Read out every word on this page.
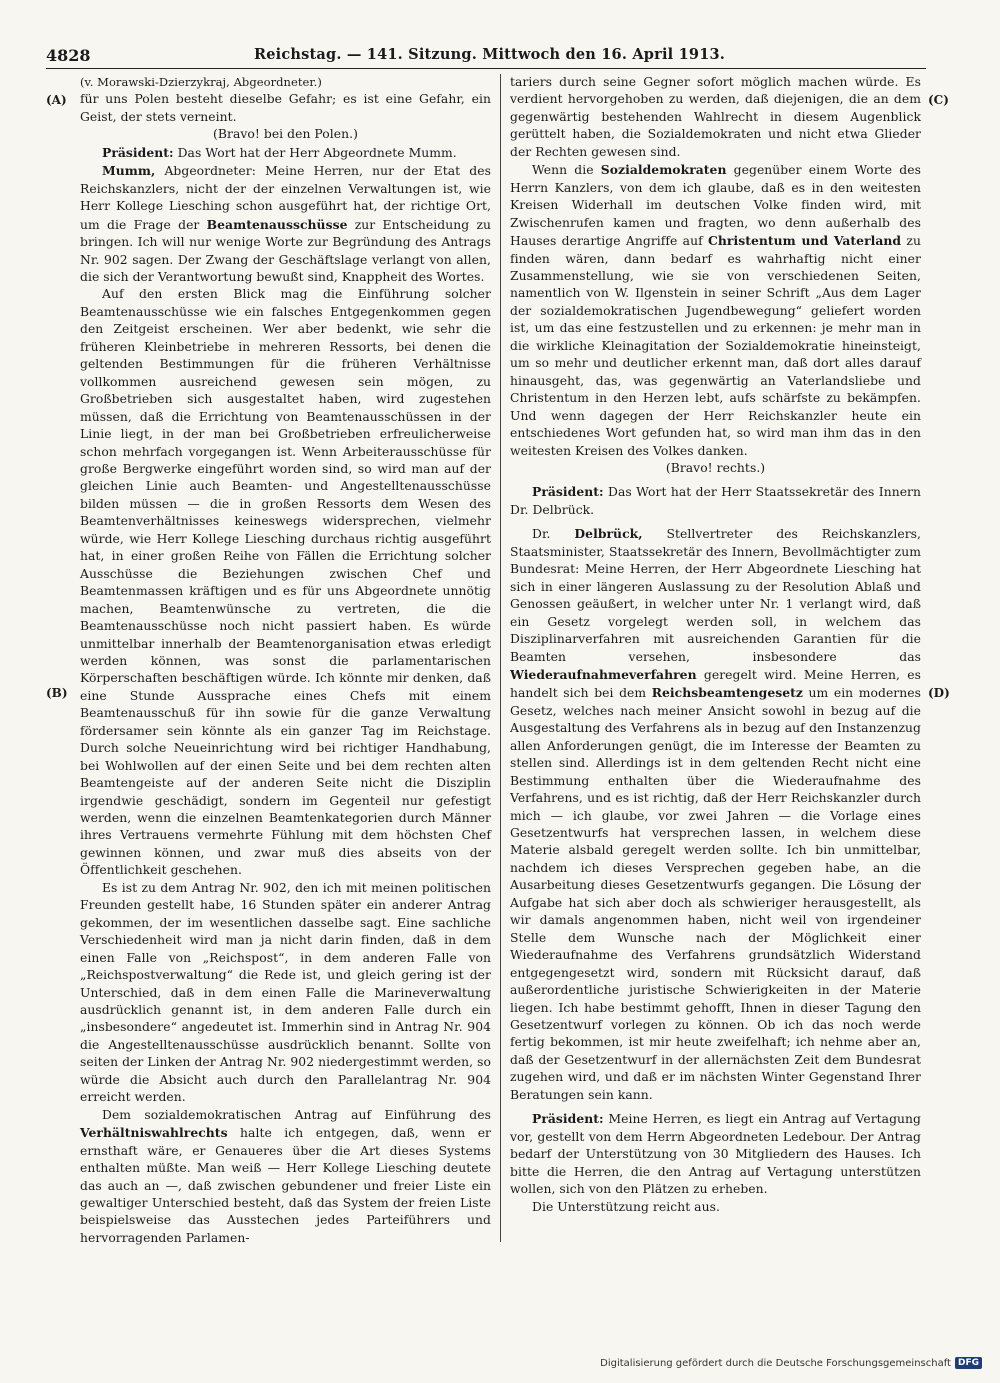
4828	Reichstag. — 141. Sitzung. Mittwoch den 16. April 1913.
(A)
(B)
(C)
(D)

(v. Morawski-Dzierzykraj, Abgeordneter.)

für uns Polen besteht dieselbe Gefahr; es ist eine Gefahr, ein Geist, der stets verneint.

(Bravo! bei den Polen.)

Präsident: Das Wort hat der Herr Abgeordnete Mumm.

Mumm, Abgeordneter: Meine Herren, nur der Etat des Reichskanzlers, nicht der der einzelnen Verwaltungen ist, wie Herr Kollege Liesching schon ausgeführt hat, der richtige Ort, um die Frage der Beamtenausschüsse zur Entscheidung zu bringen. Ich will nur wenige Worte zur Begründung des Antrags Nr. 902 sagen. Der Zwang der Geschäftslage verlangt von allen, die sich der Verantwortung bewußt sind, Knappheit des Wortes.

Auf den ersten Blick mag die Einführung solcher Beamtenausschüsse wie ein falsches Entgegenkommen gegen den Zeitgeist erscheinen. Wer aber bedenkt, wie sehr die früheren Kleinbetriebe in mehreren Ressorts, bei denen die geltenden Bestimmungen für die früheren Verhältnisse vollkommen ausreichend gewesen sein mögen, zu Großbetrieben sich ausgestaltet haben, wird zugestehen müssen, daß die Errichtung von Beamtenausschüssen in der Linie liegt, in der man bei Großbetrieben erfreulicherweise schon mehrfach vorgegangen ist. Wenn Arbeiterausschüsse für große Bergwerke eingeführt worden sind, so wird man auf der gleichen Linie auch Beamten- und Angestelltenausschüsse bilden müssen — die in großen Ressorts dem Wesen des Beamtenverhältnisses keineswegs widersprechen, vielmehr würde, wie Herr Kollege Liesching durchaus richtig ausgeführt hat, in einer großen Reihe von Fällen die Errichtung solcher Ausschüsse die Beziehungen zwischen Chef und Beamtenmassen kräftigen und es für uns Abgeordnete unnötig machen, Beamtenwünsche zu vertreten, die die Beamtenausschüsse noch nicht passiert haben. Es würde unmittelbar innerhalb der Beamtenorganisation etwas erledigt werden können, was sonst die parlamentarischen Körperschaften beschäftigen würde. Ich könnte mir denken, daß eine Stunde Aussprache eines Chefs mit einem Beamtenausschuß für ihn sowie für die ganze Verwaltung fördersamer sein könnte als ein ganzer Tag im Reichstage. Durch solche Neueinrichtung wird bei richtiger Handhabung, bei Wohlwollen auf der einen Seite und bei dem rechten alten Beamtengeiste auf der anderen Seite nicht die Disziplin irgendwie geschädigt, sondern im Gegenteil nur gefestigt werden, wenn die einzelnen Beamtenkategorien durch Männer ihres Vertrauens vermehrte Fühlung mit dem höchsten Chef gewinnen können, und zwar muß dies abseits von der Öffentlichkeit geschehen.

Es ist zu dem Antrag Nr. 902, den ich mit meinen politischen Freunden gestellt habe, 16 Stunden später ein anderer Antrag gekommen, der im wesentlichen dasselbe sagt. Eine sachliche Verschiedenheit wird man ja nicht darin finden, daß in dem einen Falle von „Reichspost“, in dem anderen Falle von „Reichspostverwaltung“ die Rede ist, und gleich gering ist der Unterschied, daß in dem einen Falle die Marineverwaltung ausdrücklich genannt ist, in dem anderen Falle durch ein „insbesondere“ angedeutet ist. Immerhin sind in Antrag Nr. 904 die Angestelltenausschüsse ausdrücklich benannt. Sollte von seiten der Linken der Antrag Nr. 902 niedergestimmt werden, so würde die Absicht auch durch den Parallelantrag Nr. 904 erreicht werden.

Dem sozialdemokratischen Antrag auf Einführung des Verhältniswahlrechts halte ich entgegen, daß, wenn er ernsthaft wäre, er Genaueres über die Art dieses Systems enthalten müßte. Man weiß — Herr Kollege Liesching deutete das auch an —, daß zwischen gebundener und freier Liste ein gewaltiger Unterschied besteht, daß das System der freien Liste beispielsweise das Ausstechen jedes Parteiführers und hervorragenden Parlamen-

tariers durch seine Gegner sofort möglich machen würde. Es verdient hervorgehoben zu werden, daß diejenigen, die an dem gegenwärtig bestehenden Wahlrecht in diesem Augenblick gerüttelt haben, die Sozialdemokraten und nicht etwa Glieder der Rechten gewesen sind.

Wenn die Sozialdemokraten gegenüber einem Worte des Herrn Kanzlers, von dem ich glaube, daß es in den weitesten Kreisen Widerhall im deutschen Volke finden wird, mit Zwischenrufen kamen und fragten, wo denn außerhalb des Hauses derartige Angriffe auf Christentum und Vaterland zu finden wären, dann bedarf es wahrhaftig nicht einer Zusammenstellung, wie sie von verschiedenen Seiten, namentlich von W. Ilgenstein in seiner Schrift „Aus dem Lager der sozialdemokratischen Jugendbewegung“ geliefert worden ist, um das eine festzustellen und zu erkennen: je mehr man in die wirkliche Kleinagitation der Sozialdemokratie hineinsteigt, um so mehr und deutlicher erkennt man, daß dort alles darauf hinausgeht, das, was gegenwärtig an Vaterlandsliebe und Christentum in den Herzen lebt, aufs schärfste zu bekämpfen. Und wenn dagegen der Herr Reichskanzler heute ein entschiedenes Wort gefunden hat, so wird man ihm das in den weitesten Kreisen des Volkes danken.

(Bravo! rechts.)

Präsident: Das Wort hat der Herr Staatssekretär des Innern Dr. Delbrück.

Dr. Delbrück, Stellvertreter des Reichskanzlers, Staatsminister, Staatssekretär des Innern, Bevollmächtigter zum Bundesrat: Meine Herren, der Herr Abgeordnete Liesching hat sich in einer längeren Auslassung zu der Resolution Ablaß und Genossen geäußert, in welcher unter Nr. 1 verlangt wird, daß ein Gesetz vorgelegt werden soll, in welchem das Disziplinarverfahren mit ausreichenden Garantien für die Beamten versehen, insbesondere das Wiederaufnahmeverfahren geregelt wird. Meine Herren, es handelt sich bei dem Reichsbeamtengesetz um ein modernes Gesetz, welches nach meiner Ansicht sowohl in bezug auf die Ausgestaltung des Verfahrens als in bezug auf den Instanzenzug allen Anforderungen genügt, die im Interesse der Beamten zu stellen sind. Allerdings ist in dem geltenden Recht nicht eine Bestimmung enthalten über die Wiederaufnahme des Verfahrens, und es ist richtig, daß der Herr Reichskanzler durch mich — ich glaube, vor zwei Jahren — die Vorlage eines Gesetzentwurfs hat versprechen lassen, in welchem diese Materie alsbald geregelt werden sollte. Ich bin unmittelbar, nachdem ich dieses Versprechen gegeben habe, an die Ausarbeitung dieses Gesetzentwurfs gegangen. Die Lösung der Aufgabe hat sich aber doch als schwieriger herausgestellt, als wir damals angenommen haben, nicht weil von irgendeiner Stelle dem Wunsche nach der Möglichkeit einer Wiederaufnahme des Verfahrens grundsätzlich Widerstand entgegengesetzt wird, sondern mit Rücksicht darauf, daß außerordentliche juristische Schwierigkeiten in der Materie liegen. Ich habe bestimmt gehofft, Ihnen in dieser Tagung den Gesetzentwurf vorlegen zu können. Ob ich das noch werde fertig bekommen, ist mir heute zweifelhaft; ich nehme aber an, daß der Gesetzentwurf in der allernächsten Zeit dem Bundesrat zugehen wird, und daß er im nächsten Winter Gegenstand Ihrer Beratungen sein kann.

Präsident: Meine Herren, es liegt ein Antrag auf Vertagung vor, gestellt von dem Herrn Abgeordneten Ledebour. Der Antrag bedarf der Unterstützung von 30 Mitgliedern des Hauses. Ich bitte die Herren, die den Antrag auf Vertagung unterstützen wollen, sich von den Plätzen zu erheben.

Die Unterstützung reicht aus.

Digitalisierung gefördert durch die Deutsche Forschungsgemeinschaft DFG
